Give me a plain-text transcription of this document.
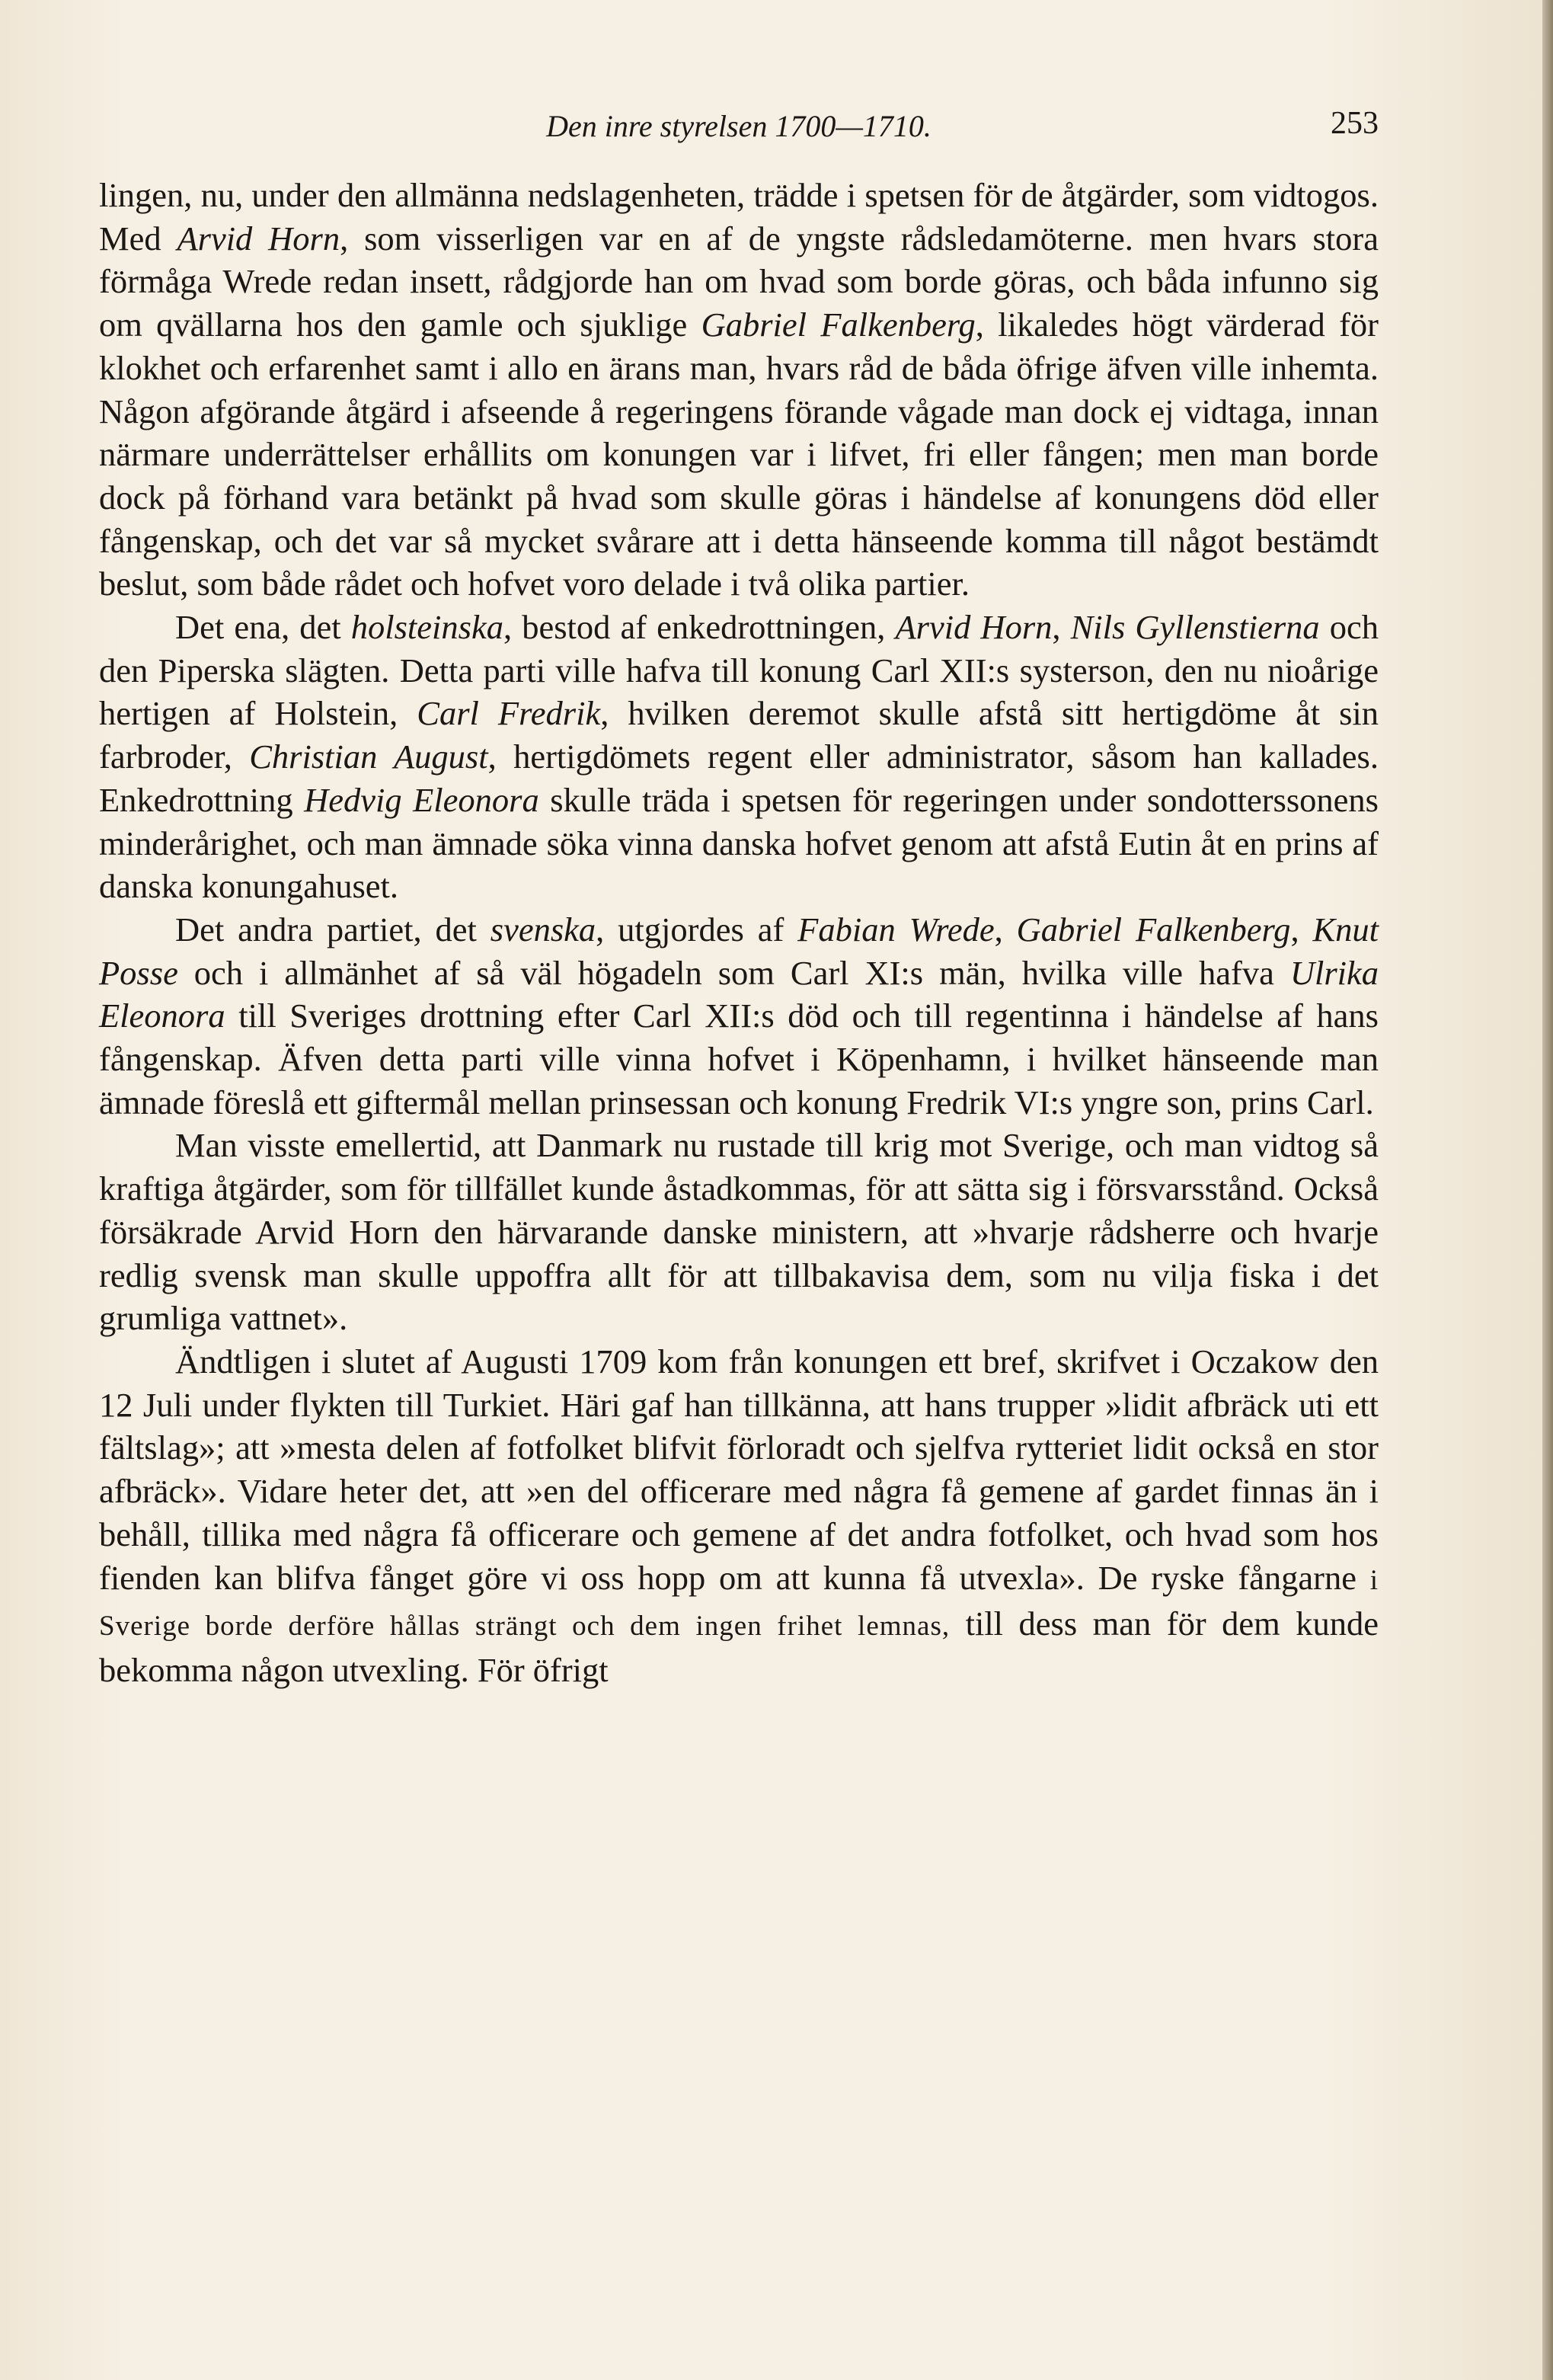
Den inre styrelsen 1700—1710.	253

lingen, nu, under den allmänna nedslagenheten, trädde i spetsen för de åtgärder, som vidtogos. Med Arvid Horn, som visserligen var en af de yngste rådsledamöterne. men hvars stora förmåga Wrede redan insett, rådgjorde han om hvad som borde göras, och båda infunno sig om qvällarna hos den gamle och sjuklige Gabriel Falkenberg, likaledes högt värderad för klokhet och erfarenhet samt i allo en ärans man, hvars råd de båda öfrige äfven ville inhemta. Någon afgörande åtgärd i afseende å regeringens förande vågade man dock ej vidtaga, innan närmare underrättelser erhållits om konungen var i lifvet, fri eller fången; men man borde dock på förhand vara betänkt på hvad som skulle göras i händelse af konungens död eller fångenskap, och det var så mycket svårare att i detta hänseende komma till något bestämdt beslut, som både rådet och hofvet voro delade i två olika partier.

Det ena, det holsteinska, bestod af enkedrottningen, Arvid Horn, Nils Gyllenstierna och den Piperska slägten. Detta parti ville hafva till konung Carl XII:s systerson, den nu nioårige hertigen af Holstein, Carl Fredrik, hvilken deremot skulle afstå sitt hertigdöme åt sin farbroder, Christian August, hertigdömets regent eller administrator, såsom han kallades. Enkedrottning Hedvig Eleonora skulle träda i spetsen för regeringen under sondotterssonens minderårighet, och man ämnade söka vinna danska hofvet genom att afstå Eutin åt en prins af danska konungahuset.

Det andra partiet, det svenska, utgjordes af Fabian Wrede, Gabriel Falkenberg, Knut Posse och i allmänhet af så väl högadeln som Carl XI:s män, hvilka ville hafva Ulrika Eleonora till Sveriges drottning efter Carl XII:s död och till regentinna i händelse af hans fångenskap. Äfven detta parti ville vinna hofvet i Köpenhamn, i hvilket hänseende man ämnade föreslå ett giftermål mellan prinsessan och konung Fredrik VI:s yngre son, prins Carl.

Man visste emellertid, att Danmark nu rustade till krig mot Sverige, och man vidtog så kraftiga åtgärder, som för tillfället kunde åstadkommas, för att sätta sig i försvarsstånd. Också försäkrade Arvid Horn den härvarande danske ministern, att »hvarje rådsherre och hvarje redlig svensk man skulle uppoffra allt för att tillbakavisa dem, som nu vilja fiska i det grumliga vattnet».

Ändtligen i slutet af Augusti 1709 kom från konungen ett bref, skrifvet i Oczakow den 12 Juli under flykten till Turkiet. Häri gaf han tillkänna, att hans trupper »lidit afbräck uti ett fältslag»; att »mesta delen af fotfolket blifvit förloradt och sjelfva rytteriet lidit också en stor afbräck». Vidare heter det, att »en del officerare med några få gemene af gardet finnas än i behåll, tillika med några få officerare och gemene af det andra fotfolket, och hvad som hos fienden kan blifva fånget göre vi oss hopp om att kunna få utvexla». De ryske fångarne i Sverige borde derföre hållas strängt och dem ingen frihet lemnas, till dess man för dem kunde bekomma någon utvexling. För öfrigt
